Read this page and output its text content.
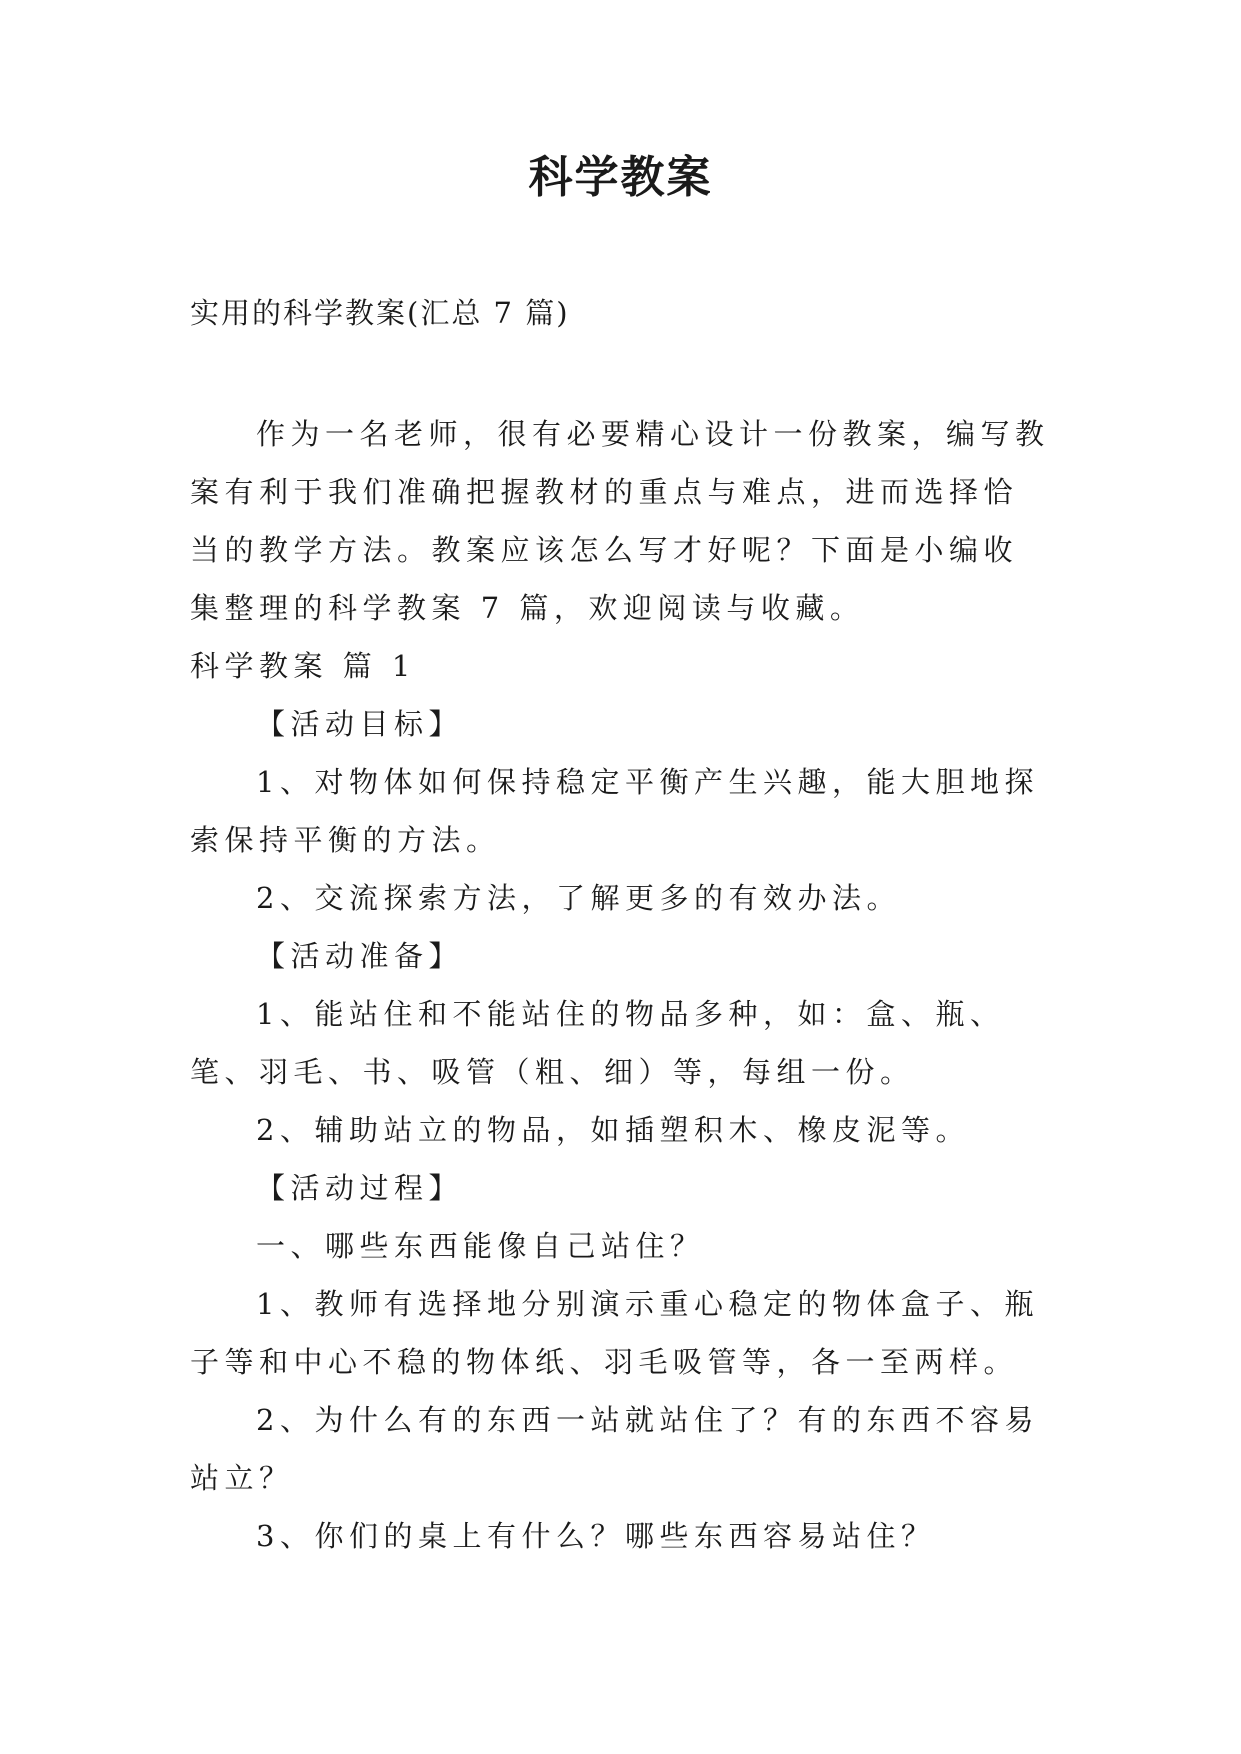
科学教案
实用的科学教案(汇总 7 篇)

作为一名老师，很有必要精心设计一份教案，编写教案有利于我们准确把握教材的重点与难点，进而选择恰当的教学方法。教案应该怎么写才好呢？下面是小编收集整理的科学教案 7 篇，欢迎阅读与收藏。

科学教案 篇 1

【活动目标】

1、对物体如何保持稳定平衡产生兴趣，能大胆地探索保持平衡的方法。

2、交流探索方法，了解更多的有效办法。

【活动准备】

1、能站住和不能站住的物品多种，如：盒、瓶、笔、羽毛、书、吸管（粗、细）等，每组一份。

2、辅助站立的物品，如插塑积木、橡皮泥等。

【活动过程】

一、哪些东西能像自己站住？

1、教师有选择地分别演示重心稳定的物体盒子、瓶子等和中心不稳的物体纸、羽毛吸管等，各一至两样。

2、为什么有的东西一站就站住了？有的东西不容易站立？

3、你们的桌上有什么？哪些东西容易站住？
